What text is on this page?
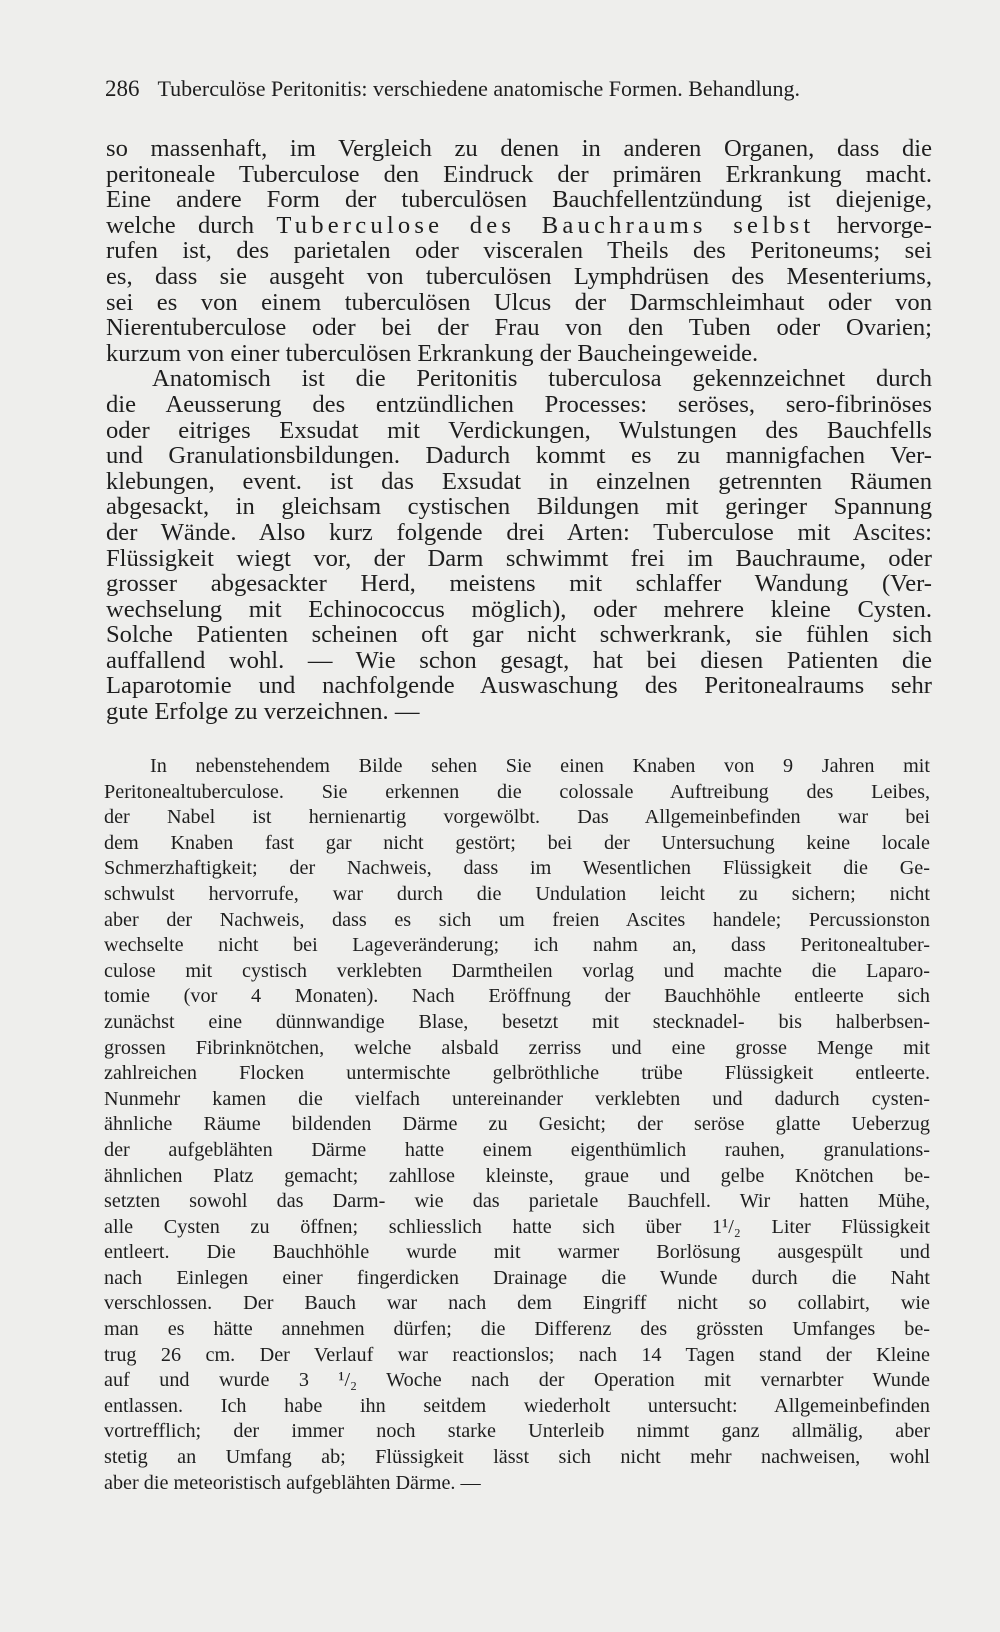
286 Tuberculöse Peritonitis: verschiedene anatomische Formen. Behandlung.

so massenhaft, im Vergleich zu denen in anderen Organen, dass die
peritoneale Tuberculose den Eindruck der primären Erkrankung macht.
Eine andere Form der tuberculösen Bauchfellentzündung ist diejenige,
welche durch Tuberculose des Bauchraums selbst hervorge-
rufen ist, des parietalen oder visceralen Theils des Peritoneums; sei
es, dass sie ausgeht von tuberculösen Lymphdrüsen des Mesenteriums,
sei es von einem tuberculösen Ulcus der Darmschleimhaut oder von
Nierentuberculose oder bei der Frau von den Tuben oder Ovarien;
kurzum von einer tuberculösen Erkrankung der Baucheingeweide.

Anatomisch ist die Peritonitis tuberculosa gekennzeichnet durch
die Aeusserung des entzündlichen Processes: seröses, sero-fibrinöses
oder eitriges Exsudat mit Verdickungen, Wulstungen des Bauchfells
und Granulationsbildungen. Dadurch kommt es zu mannigfachen Ver-
klebungen, event. ist das Exsudat in einzelnen getrennten Räumen
abgesackt, in gleichsam cystischen Bildungen mit geringer Spannung
der Wände. Also kurz folgende drei Arten: Tuberculose mit Ascites:
Flüssigkeit wiegt vor, der Darm schwimmt frei im Bauchraume, oder
grosser abgesackter Herd, meistens mit schlaffer Wandung (Ver-
wechselung mit Echinococcus möglich), oder mehrere kleine Cysten.
Solche Patienten scheinen oft gar nicht schwerkrank, sie fühlen sich
auffallend wohl. — Wie schon gesagt, hat bei diesen Patienten die
Laparotomie und nachfolgende Auswaschung des Peritonealraums sehr
gute Erfolge zu verzeichnen. —

In nebenstehendem Bilde sehen Sie einen Knaben von 9 Jahren mit
Peritonealtuberculose. Sie erkennen die colossale Auftreibung des Leibes,
der Nabel ist hernienartig vorgewölbt. Das Allgemeinbefinden war bei
dem Knaben fast gar nicht gestört; bei der Untersuchung keine locale
Schmerzhaftigkeit; der Nachweis, dass im Wesentlichen Flüssigkeit die Ge-
schwulst hervorrufe, war durch die Undulation leicht zu sichern; nicht
aber der Nachweis, dass es sich um freien Ascites handele; Percussionston
wechselte nicht bei Lageveränderung; ich nahm an, dass Peritonealtuber-
culose mit cystisch verklebten Darmtheilen vorlag und machte die Laparo-
tomie (vor 4 Monaten). Nach Eröffnung der Bauchhöhle entleerte sich
zunächst eine dünnwandige Blase, besetzt mit stecknadel- bis halberbsen-
grossen Fibrinknötchen, welche alsbald zerriss und eine grosse Menge mit
zahlreichen Flocken untermischte gelbröthliche trübe Flüssigkeit entleerte.
Nunmehr kamen die vielfach untereinander verklebten und dadurch cysten-
ähnliche Räume bildenden Därme zu Gesicht; der seröse glatte Ueberzug
der aufgeblähten Därme hatte einem eigenthümlich rauhen, granulations-
ähnlichen Platz gemacht; zahllose kleinste, graue und gelbe Knötchen be-
setzten sowohl das Darm- wie das parietale Bauchfell. Wir hatten Mühe,
alle Cysten zu öffnen; schliesslich hatte sich über 1¹/₂ Liter Flüssigkeit
entleert. Die Bauchhöhle wurde mit warmer Borlösung ausgespült und
nach Einlegen einer fingerdicken Drainage die Wunde durch die Naht
verschlossen. Der Bauch war nach dem Eingriff nicht so collabirt, wie
man es hätte annehmen dürfen; die Differenz des grössten Umfanges be-
trug 26 cm. Der Verlauf war reactionslos; nach 14 Tagen stand der Kleine
auf und wurde 3 ¹/₂ Woche nach der Operation mit vernarbter Wunde
entlassen. Ich habe ihn seitdem wiederholt untersucht: Allgemeinbefinden
vortrefflich; der immer noch starke Unterleib nimmt ganz allmälig, aber
stetig an Umfang ab; Flüssigkeit lässt sich nicht mehr nachweisen, wohl
aber die meteoristisch aufgeblähten Därme. —
